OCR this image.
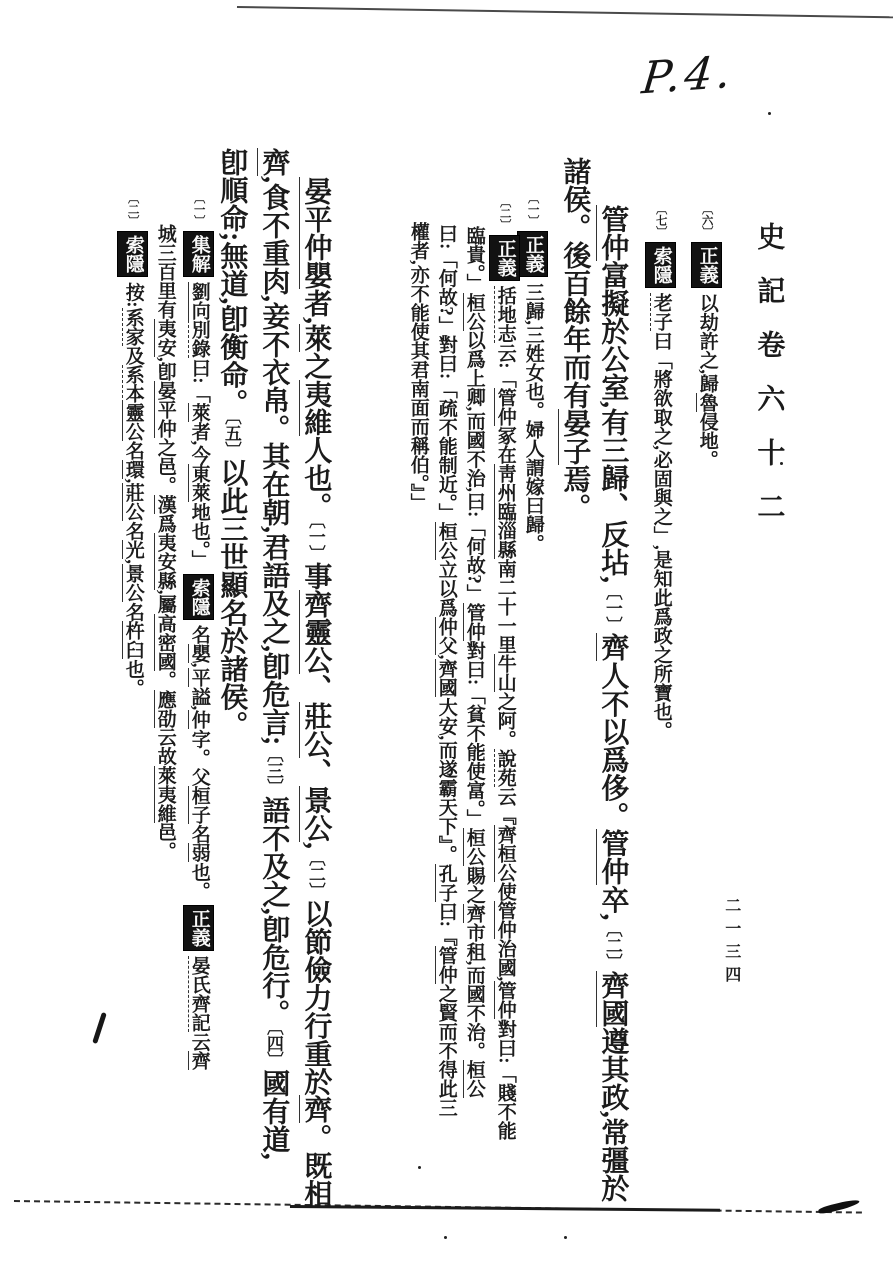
P.4.
史記卷六十二
〔六〕正義以劫許之,歸魯侵地。
〔七〕索隱老子曰「將欲取之,必固與之」,是知此爲政之所寶也。
管仲富擬於公室,有三歸、反坫,〔一〕齊人不以爲侈。管仲卒,〔二〕齊國遵其政,常彊於
諸侯。後百餘年而有晏子焉。
〔一〕正義三歸,三姓女也。婦人謂嫁曰歸。
〔二〕正義括地志云:「管仲冢在靑州臨淄縣南二十一里牛山之阿。說苑云『齊桓公使管仲治國,管仲對曰:「賤不能
臨貴。」桓公以爲上卿,而國不治,曰:「何故?」管仲對曰:「貧不能使富。」桓公賜之齊市租,而國不治。桓公
曰:「何故?」對曰:「疏不能制近。」桓公立以爲仲父,齊國大安,而遂霸天下』。孔子曰:『管仲之賢而不得此三
權者,亦不能使其君南面而稱伯。』」
晏平仲嬰者,萊之夷維人也。〔一〕事齊靈公、莊公、景公,〔二〕以節儉力行重於齊。既相
齊,食不重肉,妾不衣帛。其在朝,君語及之,卽危言;〔三〕語不及之,卽危行。〔四〕國有道,
卽順命;無道,卽衡命。〔五〕以此三世顯名於諸侯。
〔一〕集解劉向別錄曰:「萊者,今東萊地也。」索隱名嬰,平謚,仲字。父桓子名弱也。正義晏氏齊記云齊
城三百里有夷安,卽晏平仲之邑。漢爲夷安縣,屬高密國。應劭云故萊夷維邑。
〔二〕索隱按:系家及系本靈公名環,莊公名光,景公名杵臼也。
二一三四
